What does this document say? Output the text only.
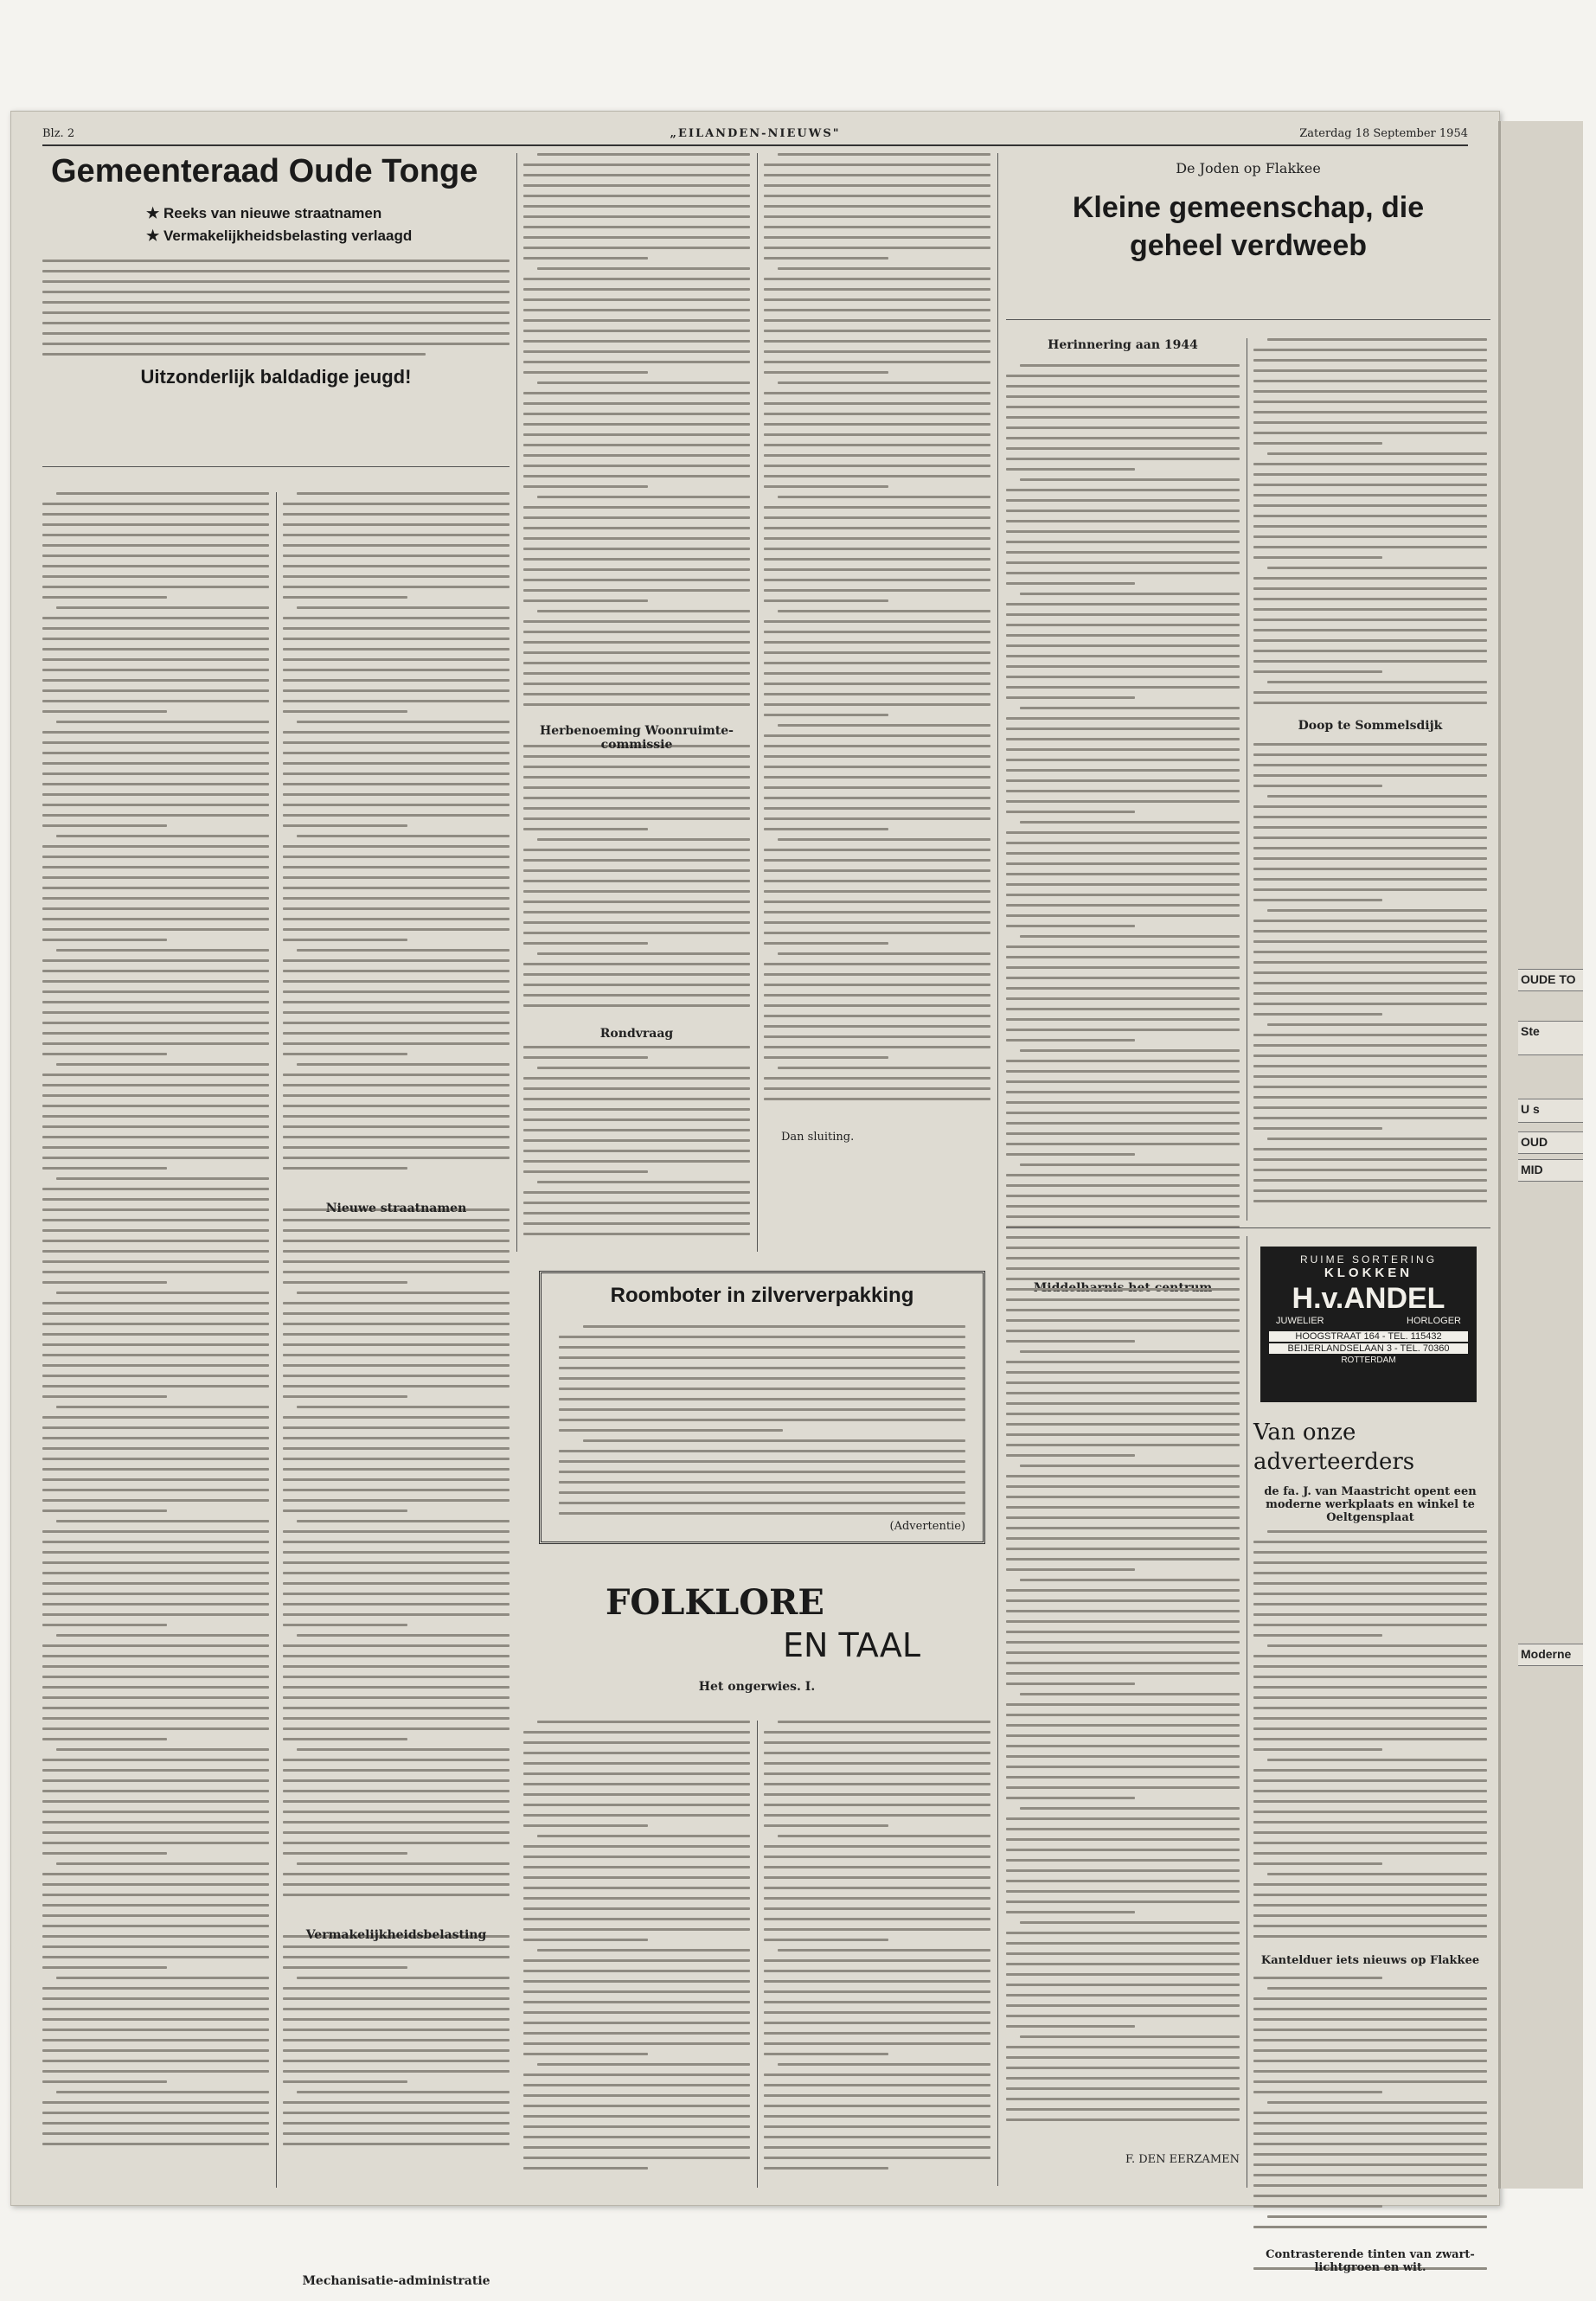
Blz. 2	„EILANDEN-NIEUWS"	Zaterdag 18 September 1954
Gemeenteraad Oude Tonge
★ Reeks van nieuwe straatnamen
★ Vermakelijkheidsbelasting verlaagd
Uitzonderlijk baldadige jeugd!
Nieuwe straatnamen
Vermakelijkheidsbelasting
Mechanisatie-administratie
Herbenoeming Woonruimte-commissie
Rondvraag
Dan sluiting.
Roomboter in zilververpakking
(Advertentie)
FOLKLORE
EN TAAL
Het ongerwies. I.
De Joden op Flakkee
Kleine gemeenschap, die geheel verdweeb
Herinnering aan 1944
Doop te Sommelsdijk
F. DEN EERZAMEN
RUIME SORTERING
KLOKKEN
H.v.ANDEL
JUWELIER	HORLOGER
HOOGSTRAAT 164 - TEL. 115432
BEIJERLANDSELAAN 3 - TEL. 70360
ROTTERDAM
Van onze adverteerders
de fa. J. van Maastricht opent een moderne werkplaats en winkel te Oeltgensplaat
Kantelduer iets nieuws op Flakkee
Contrasterende tinten van zwart-lichtgroen en wit.
OUDE TO
Ste
U s
OUD
MID
Moderne
